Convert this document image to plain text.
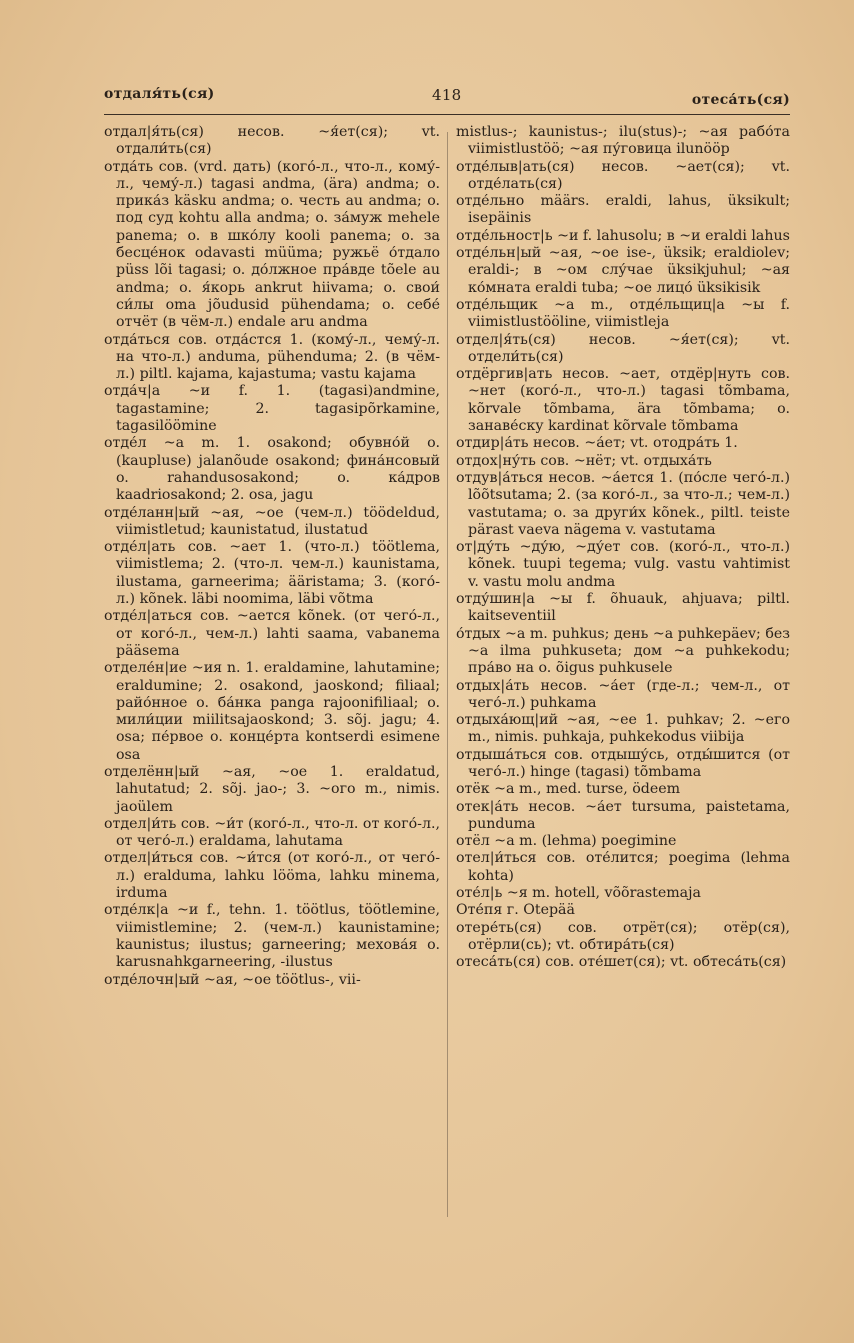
отдаля́ть(ся)	418	отеса́ть(ся)

отдал|я́ть(ся) несов. ~я́ет(ся); vt. отдали́ть(ся)

отда́ть сов. (vrd. дать) (кого́-л., что-л., кому́-л., чему́-л.) tagasi andma, (ära) andma; o. прика́з käsku andma; o. честь au andma; o. под суд kohtu alla andma; o. за́муж mehele panema; o. в шко́лу kooli panema; o. за бесце́нок odavasti müüma; ружьё о́тдало püss lõi tagasi; o. до́лжное пра́вде tõele au andma; o. я́корь ankrut hiivama; o. свои́ си́лы oma jõudusid pühendama; o. себе́ отчёт (в чём-л.) endale aru andma

отда́ться сов. отда́стся 1. (кому́-л., чему́-л. на что-л.) anduma, pühenduma; 2. (в чём-л.) piltl. kajama, kajastuma; vastu kajama

отда́ч|а ~и f. 1. (tagasi)andmine, tagastamine; 2. tagasipõrkamine, tagasilöömine

отде́л ~а m. 1. osakond; обувно́й o. (kaupluse) jalanõude osakond; фина́нсовый o. rahandusosakond; o. ка́дров kaadriosakond; 2. osa, jagu

отде́ланн|ый ~ая, ~ое (чем-л.) töödeldud, viimistletud; kaunistatud, ilustatud

отде́л|ать сов. ~ает 1. (что-л.) töötlema, viimistlema; 2. (что-л. чем-л.) kaunistama, ilustama, garneerima; ääristama; 3. (кого́-л.) kõnek. läbi noomima, läbi võtma

отде́л|аться сов. ~ается kõnek. (от чего́-л., от кого́-л., чем-л.) lahti saama, vabanema pääsema

отделе́н|ие ~ия n. 1. eraldamine, lahutamine; eraldumine; 2. osakond, jaoskond; filiaal; райо́нное o. ба́нка panga rajoonifiliaal; o. мили́ции miilitsajaoskond; 3. sõj. jagu; 4. osa; пе́рвое o. конце́рта kontserdi esimene osa

отделённ|ый ~ая, ~ое 1. eraldatud, lahutatud; 2. sõj. jao-; 3. ~ого m., nimis. jaoülem

отдел|и́ть сов. ~и́т (кого́-л., что-л. от кого́-л., от чего́-л.) eraldama, lahutama

отдел|и́ться сов. ~и́тся (от кого́-л., от чего́-л.) eralduma, lahku lööma, lahku minema, irduma

отде́лк|а ~и f., tehn. 1. töötlus, töötlemine, viimistlemine; 2. (чем-л.) kaunistamine; kaunistus; ilustus; garneering; мехова́я o. karusnahkgarneering, -ilustus

отде́лочн|ый ~ая, ~ое töötlus-, vii-

mistlus-; kaunistus-; ilu(stus)-; ~ая рабо́та viimistlustöö; ~ая пу́говица ilunööp

отде́лыв|ать(ся) несов. ~ает(ся); vt. отде́лать(ся)

отде́льно määrs. eraldi, lahus, üksikult; isepäinis

отде́льност|ь ~и f. lahusolu; в ~и eraldi lahus

отде́льн|ый ~ая, ~ое ise-, üksik; eraldiolev; eraldi-; в ~ом слу́чае üksikjuhul; ~ая ко́мната eraldi tuba; ~ое лицо́ üksikisik

отде́льщик ~а m., отде́льщиц|а ~ы f. viimistlustööline, viimistleja

отдел|я́ть(ся) несов. ~я́ет(ся); vt. отдели́ть(ся)

отдёргив|ать несов. ~ает, отдёр|нуть сов. ~нет (кого́-л., что-л.) tagasi tõmbama, kõrvale tõmbama, ära tõmbama; o. занаве́ску kardinat kõrvale tõmbama

отдир|а́ть несов. ~а́ет; vt. отодра́ть 1.

отдох|ну́ть сов. ~нёт; vt. отдыха́ть

отдув|а́ться несов. ~а́ется 1. (по́сле чего́-л.) lõõtsutama; 2. (за кого́-л., за что-л.; чем-л.) vastutama; o. за други́х kõnek., piltl. teiste pärast vaeva nägema v. vastutama

от|ду́ть ~ду́ю, ~ду́ет сов. (кого́-л., что-л.) kõnek. tuupi tegema; vulg. vastu vahtimist v. vastu molu andma

отду́шин|а ~ы f. õhuauk, ahjuava; piltl. kaitseventiil

о́тдых ~а m. puhkus; день ~а puhkepäev; без ~а ilma puhkuseta; дом ~а puhkekodu; пра́во на o. õigus puhkusele

отдых|а́ть несов. ~а́ет (где-л.; чем-л., от чего́-л.) puhkama

отдыха́ющ|ий ~ая, ~ее 1. puhkav; 2. ~его m., nimis. puhkaja, puhkekodus viibija

отдыша́ться сов. отдышу́сь, отды́шится (от чего́-л.) hinge (tagasi) tõmbama

отёк ~а m., med. turse, ödeem

отек|а́ть несов. ~а́ет tursuma, paistetama, punduma

отёл ~а m. (lehma) poegimine

отел|и́ться сов. оте́лится; poegima (lehma kohta)

оте́л|ь ~я m. hotell, võõrastemaja

Оте́пя г. Otepää

отере́ть(ся) сов. отрёт(ся); отёр(ся), отёрли(сь); vt. обтира́ть(ся)

отеса́ть(ся) сов. оте́шет(ся); vt. обтеса́ть(ся)
